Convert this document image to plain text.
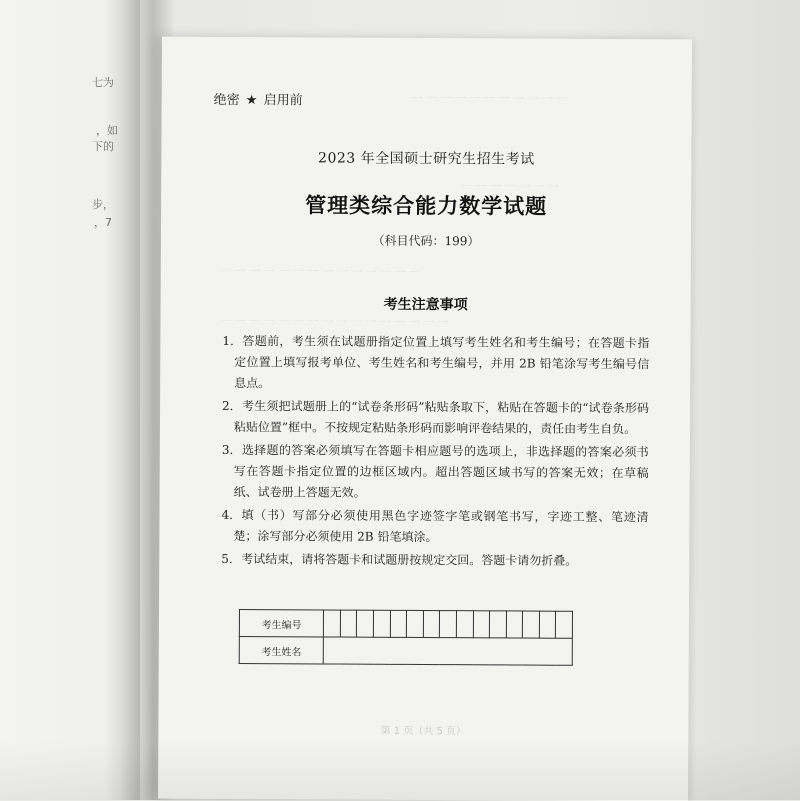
七为
，如
下的
步，
，7
一 一 一 一 一 一 一 一 一 一 一
一 一 一 一 一 一 一
一 一 一 一 一 一 一 一 一 一 一 一 一 一
一 一 一 一 一 一 一 一 一 一 一 一 一 一 一 一
绝密 ★ 启用前
2023 年全国硕士研究生招生考试
管理类综合能力数学试题
（科目代码：199）
考生注意事项
1. 答题前，考生须在试题册指定位置上填写考生姓名和考生编号；在答题卡指定位置上填写报考单位、考生姓名和考生编号，并用 2B 铅笔涂写考生编号信息点。
2. 考生须把试题册上的“试卷条形码”粘贴条取下，粘贴在答题卡的“试卷条形码粘贴位置”框中。不按规定粘贴条形码而影响评卷结果的，责任由考生自负。
3. 选择题的答案必须填写在答题卡相应题号的选项上，非选择题的答案必须书写在答题卡指定位置的边框区域内。超出答题区域书写的答案无效；在草稿纸、试卷册上答题无效。
4. 填（书）写部分必须使用黑色字迹签字笔或钢笔书写，字迹工整、笔迹清楚；涂写部分必须使用 2B 铅笔填涂。
5. 考试结束，请将答题卡和试题册按规定交回。答题卡请勿折叠。
考生编号															
考生姓名															
第 1 页（共 5 页）
